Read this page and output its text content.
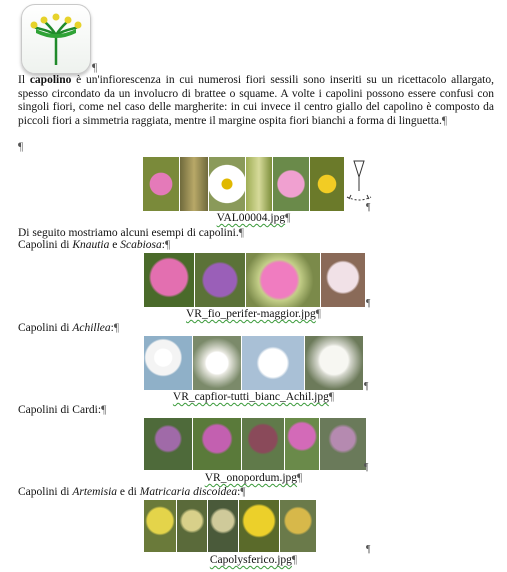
¶
Il capolino è un'infiorescenza in cui numerosi fiori sessili sono inseriti su un ricettacolo allargato, spesso circondato da un involucro di brattee o squame. A volte i capolini possono essere confusi con singoli fiori, come nel caso delle margherite: in cui invece il centro giallo del capolino è composto da piccoli fiori a simmetria raggiata, mentre il margine ospita fiori bianchi a forma di linguetta.¶
¶
¶
VAL00004.jpg¶
Di seguito mostriamo alcuni esempi di capolini.¶
Capolini di Knautia e Scabiosa:¶
¶
VR_fio_perifer-maggior.jpg¶
Capolini di Achillea:¶
¶
VR_capfior-tutti_bianc_Achil.jpg¶
Capolini di Cardi:¶
¶
VR_onopordum.jpg¶
Capolini di Artemisia e di Matricaria discoidea:¶
¶
Capolysferico.jpg¶
